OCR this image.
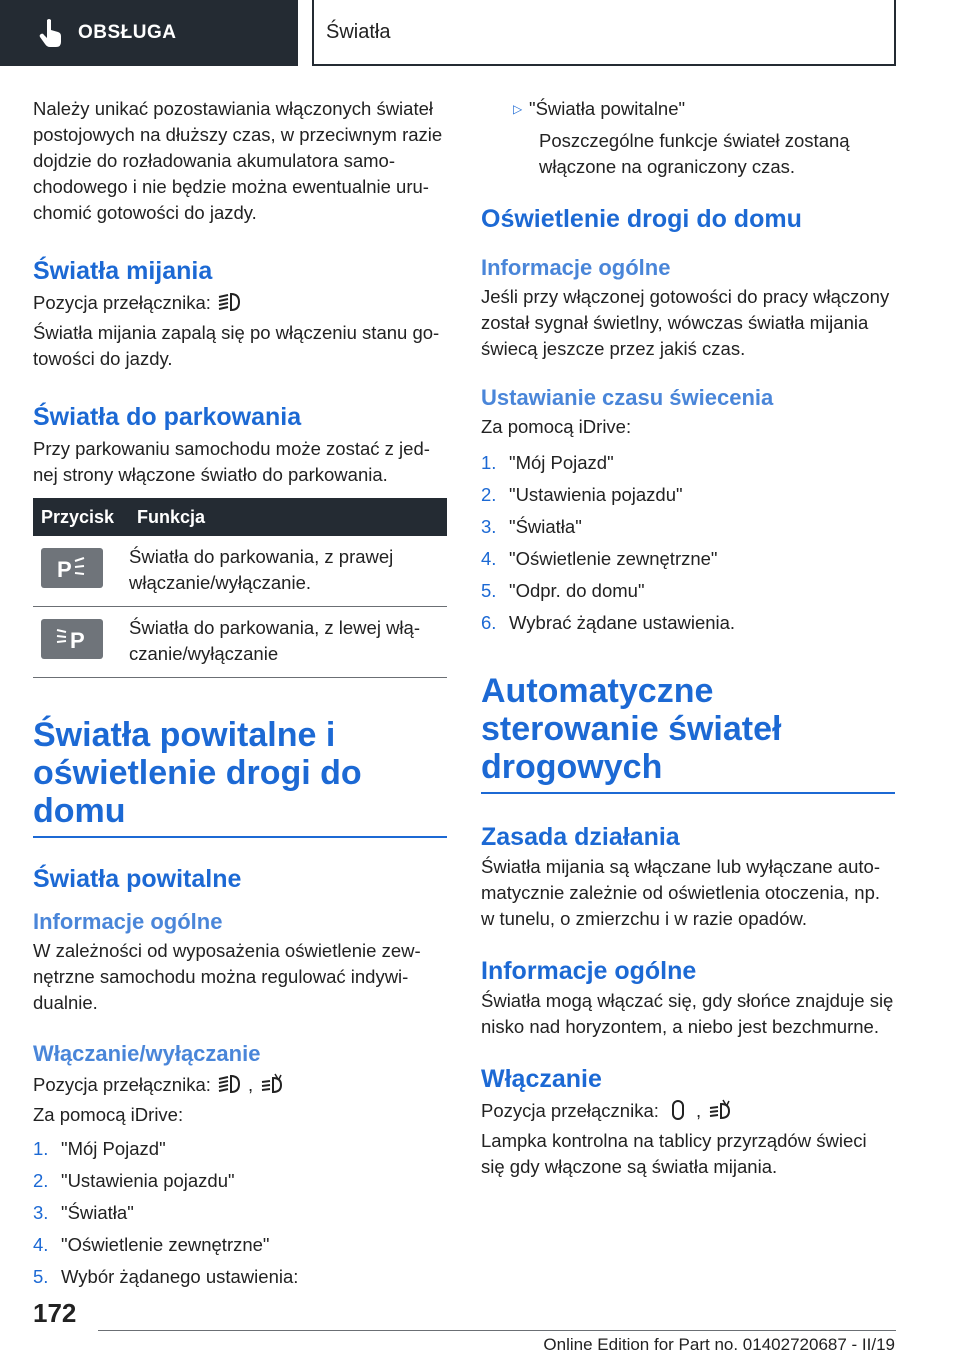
OBSŁUGA	Światła

Należy unikać pozostawiania włączonych świateł postojowych na dłuższy czas, w przeciwnym razie dojdzie do rozładowania akumulatora samochodowego i nie będzie można ewentualnie uruchomić gotowości do jazdy.

Światła mijania

Pozycja przełącznika:

Światła mijania zapalą się po włączeniu stanu gotowości do jazdy.

Światła do parkowania

Przy parkowaniu samochodu może zostać z jednej strony włączone światło do parkowania.

Przycisk	Funkcja

P	Światła do parkowania, z prawej włączanie/wyłączanie.

P	Światła do parkowania, z lewej włączanie/wyłączanie
Światła powitalne i oświetlenie drogi do domu
Światła powitalne
Informacje ogólne

W zależności od wyposażenia oświetlenie zewnętrzne samochodu można regulować indywidualnie.

Włączanie/wyłączanie

Pozycja przełącznika: ,

Za pomocą iDrive:

1. "Mój Pojazd"
2. "Ustawienia pojazdu"
3. "Światła"
4. "Oświetlenie zewnętrzne"
5. Wybór żądanego ustawienia:
▷ "Światła powitalne"

Poszczególne funkcje świateł zostaną włączone na ograniczony czas.

Oświetlenie drogi do domu
Informacje ogólne

Jeśli przy włączonej gotowości do pracy włączony został sygnał świetlny, wówczas światła mijania świecą jeszcze przez jakiś czas.

Ustawianie czasu świecenia

Za pomocą iDrive:

1. "Mój Pojazd"
2. "Ustawienia pojazdu"
3. "Światła"
4. "Oświetlenie zewnętrzne"
5. "Odpr. do domu"
6. Wybrać żądane ustawienia.
Automatyczne sterowanie świateł drogowych
Zasada działania

Światła mijania są włączane lub wyłączane automatycznie zależnie od oświetlenia otoczenia, np. w tunelu, o zmierzchu i w razie opadów.

Informacje ogólne

Światła mogą włączać się, gdy słońce znajduje się nisko nad horyzontem, a niebo jest bezchmurne.

Włączanie

Pozycja przełącznika: ,

Lampka kontrolna na tablicy przyrządów świeci się gdy włączone są światła mijania.

172
Online Edition for Part no. 01402720687 - II/19
